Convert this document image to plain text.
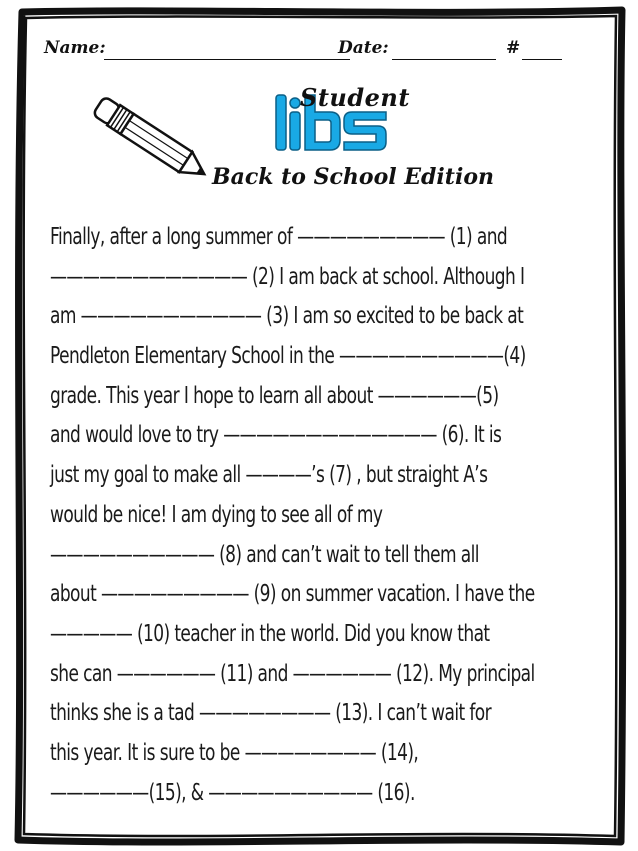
Name:	Date:	#
Student
Back to School Edition
Finally, after a long summer of ————————— (1) and
———————————— (2) I am back at school. Although I
am ——————————— (3) I am so excited to be back at
Pendleton Elementary School in the ——————————(4)
grade. This year I hope to learn all about ——————(5)
and would love to try ————————————— (6). It is
just my goal to make all ————’s (7) , but straight A’s
would be nice! I am dying to see all of my
—————————— (8) and can’t wait to tell them all
about ————————— (9) on summer vacation. I have the
————— (10) teacher in the world. Did you know that
she can —————— (11) and —————— (12). My principal
thinks she is a tad ———————— (13). I can’t wait for
this year. It is sure to be ———————— (14),
——————(15), & —————————— (16).
